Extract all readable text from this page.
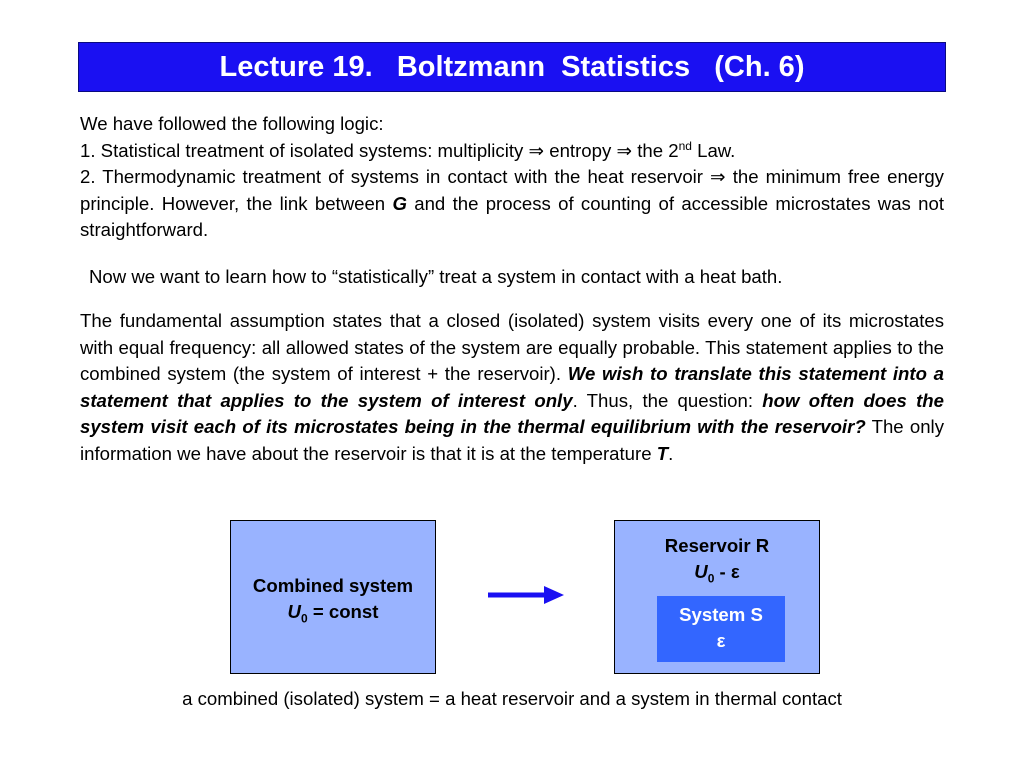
Lecture 19.   Boltzmann  Statistics   (Ch. 6)
We have followed the following logic:
1. Statistical treatment of isolated systems: multiplicity ⇒ entropy ⇒ the 2nd Law.
2. Thermodynamic treatment of systems in contact with the heat reservoir ⇒ the minimum free energy principle. However, the link between G and the process of counting of accessible microstates was not straightforward.

Now we want to learn how to “statistically” treat a system in contact with a heat bath.

The fundamental assumption states that a closed (isolated) system visits every one of its microstates with equal frequency: all allowed states of the system are equally probable. This statement applies to the combined system (the system of interest + the reservoir). We wish to translate this statement into a statement that applies to the system of interest only. Thus, the question: how often does the system visit each of its microstates being in the thermal equilibrium with the reservoir? The only information we have about the reservoir is that it is at the temperature T.

Combined system
$U_0$ = const
Reservoir R
$U_0$ - ε
System S
ε
a combined (isolated) system = a heat reservoir and a system in thermal contact
